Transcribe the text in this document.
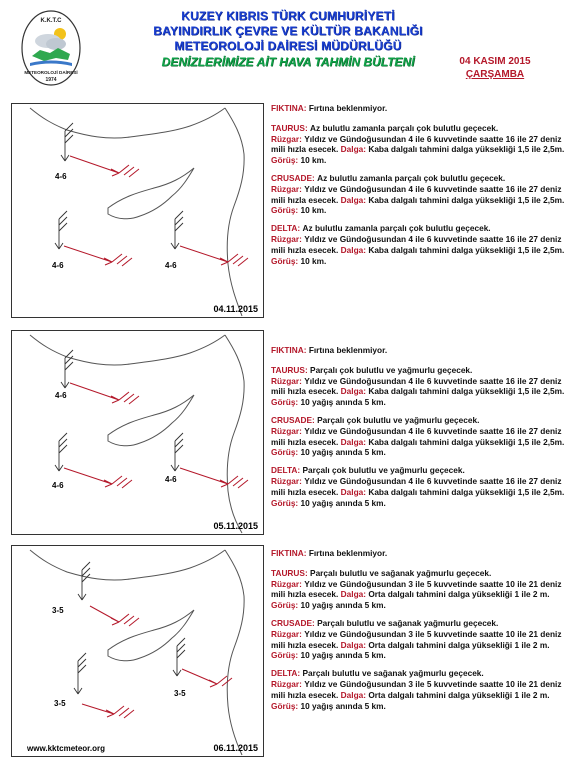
K.K.T.C
METEOROLOJİ DAİRESİ
1974
KUZEY KIBRIS TÜRK CUMHURİYETİ
BAYINDIRLIK ÇEVRE VE KÜLTÜR BAKANLIĞI
METEOROLOJİ DAİRESİ MÜDÜRLÜĞÜ
DENİZLERİMİZE AİT HAVA TAHMİN BÜLTENİ	04 KASIM 2015
ÇARŞAMBA
4-6
4-6	4-6
04.11.2015
4-6
4-6
4-6
05.11.2015
3-5
3-5
3-5
www.kktcmeteor.org	06.11.2015
FIKTINA: Fırtına beklenmiyor.
TAURUS: Az bulutlu zamanla parçalı çok bulutlu geçecek.
Rüzgar: Yıldız ve Gündoğusundan 4 ile 6 kuvvetinde saatte 16 ile 27 deniz mili hızla esecek. Dalga: Kaba dalgalı tahmini dalga yüksekliği 1,5 ile 2,5m. Görüş: 10 km.
CRUSADE: Az bulutlu zamanla parçalı çok bulutlu geçecek.
Rüzgar: Yıldız ve Gündoğusundan 4 ile 6 kuvvetinde saatte 16 ile 27 deniz mili hızla esecek. Dalga: Kaba dalgalı tahmini dalga yüksekliği 1,5 ile 2,5m. Görüş: 10 km.
DELTA: Az bulutlu zamanla parçalı çok bulutlu geçecek.
Rüzgar: Yıldız ve Gündoğusundan 4 ile 6 kuvvetinde saatte 16 ile 27 deniz mili hızla esecek. Dalga: Kaba dalgalı tahmini dalga yüksekliği 1,5 ile 2,5m. Görüş: 10 km.
FIKTINA: Fırtına beklenmiyor.
TAURUS: Parçalı çok bulutlu ve yağmurlu geçecek.
Rüzgar: Yıldız ve Gündoğusundan 4 ile 6 kuvvetinde saatte 16 ile 27 deniz mili hızla esecek. Dalga: Kaba dalgalı tahmini dalga yüksekliği 1,5 ile 2,5m. Görüş: 10 yağış anında 5 km.
CRUSADE: Parçalı çok bulutlu ve yağmurlu geçecek.
Rüzgar: Yıldız ve Gündoğusundan 4 ile 6 kuvvetinde saatte 16 ile 27 deniz mili hızla esecek. Dalga: Kaba dalgalı tahmini dalga yüksekliği 1,5 ile 2,5m. Görüş: 10 yağış anında 5 km.
DELTA: Parçalı çok bulutlu ve yağmurlu geçecek.
Rüzgar: Yıldız ve Gündoğusundan 4 ile 6 kuvvetinde saatte 16 ile 27 deniz mili hızla esecek. Dalga: Kaba dalgalı tahmini dalga yüksekliği 1,5 ile 2,5m. Görüş: 10 yağış anında 5 km.
FIKTINA: Fırtına beklenmiyor.
TAURUS: Parçalı bulutlu ve sağanak yağmurlu geçecek.
Rüzgar: Yıldız ve Gündoğusundan 3 ile 5 kuvvetinde saatte 10 ile 21 deniz mili hızla esecek. Dalga: Orta dalgalı tahmini dalga yüksekliği 1 ile 2 m. Görüş: 10 yağış anında 5 km.
CRUSADE: Parçalı bulutlu ve sağanak yağmurlu geçecek.
Rüzgar: Yıldız ve Gündoğusundan 3 ile 5 kuvvetinde saatte 10 ile 21 deniz mili hızla esecek. Dalga: Orta dalgalı tahmini dalga yüksekliği 1 ile 2 m. Görüş: 10 yağış anında 5 km.
DELTA: Parçalı bulutlu ve sağanak yağmurlu geçecek.
Rüzgar: Yıldız ve Gündoğusundan 3 ile 5 kuvvetinde saatte 10 ile 21 deniz mili hızla esecek. Dalga: Orta dalgalı tahmini dalga yüksekliği 1 ile 2 m. Görüş: 10 yağış anında 5 km.
